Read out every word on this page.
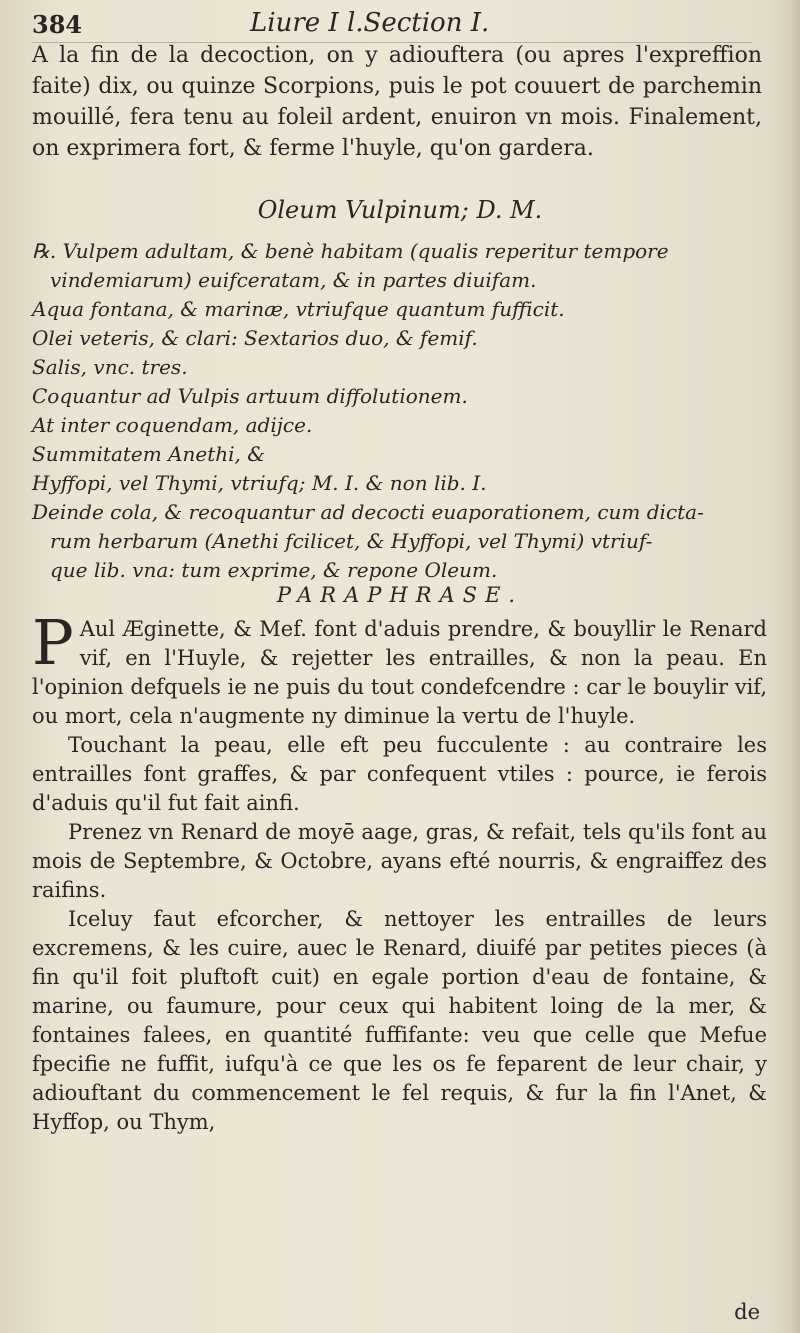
384	Liure I l.Section I.
A la fin de la decoction, on y adiouftera (ou apres l'expreffion faite) dix, ou quinze Scorpions, puis le pot couuert de parchemin mouillé, fera tenu au foleil ardent, enuiron vn mois. Finalement, on exprimera fort, & ferme l'huyle, qu'on gardera.
Oleum Vulpinum; D. M.
℞. Vulpem adultam, & benè habitam (qualis reperitur tempore
vindemiarum) euifceratam, & in partes diuifam.
Aqua fontana, & marinæ, vtriufque quantum fufficit.
Olei veteris, & clari: Sextarios duo, & femif.
Salis, vnc. tres.
Coquantur ad Vulpis artuum diffolutionem.
At inter coquendam, adijce.
Summitatem Anethi, &
Hyffopi, vel Thymi, vtriufq; M. I. & non lib. I.
Deinde cola, & recoquantur ad decocti euaporationem, cum dicta-
rum herbarum (Anethi fcilicet, & Hyffopi, vel Thymi) vtriuf-
que lib. vna: tum exprime, & repone Oleum.
PARAPHRASE.

P Aul Æginette, & Mef. font d'aduis prendre, & bouyllir le Renard vif, en l'Huyle, & rejetter les entrailles, & non la peau. En l'opinion defquels ie ne puis du tout condefcendre : car le bouylir vif, ou mort, cela n'augmente ny diminue la vertu de l'huyle.

Touchant la peau, elle eft peu fucculente : au contraire les entrailles font graffes, & par confequent vtiles : pource, ie ferois d'aduis qu'il fut fait ainfi.

Prenez vn Renard de moyē aage, gras, & refait, tels qu'ils font au mois de Septembre, & Octobre, ayans efté nourris, & engraiffez des raifins.

Iceluy faut efcorcher, & nettoyer les entrailles de leurs excremens, & les cuire, auec le Renard, diuifé par petites pieces (à fin qu'il foit pluftoft cuit) en egale portion d'eau de fontaine, & marine, ou faumure, pour ceux qui habitent loing de la mer, & fontaines falees, en quantité fuffifante: veu que celle que Mefue fpecifie ne fuffit, iufqu'à ce que les os fe feparent de leur chair, y adiouftant du commencement le fel requis, & fur la fin l'Anet, & Hyffop, ou Thym,

de
